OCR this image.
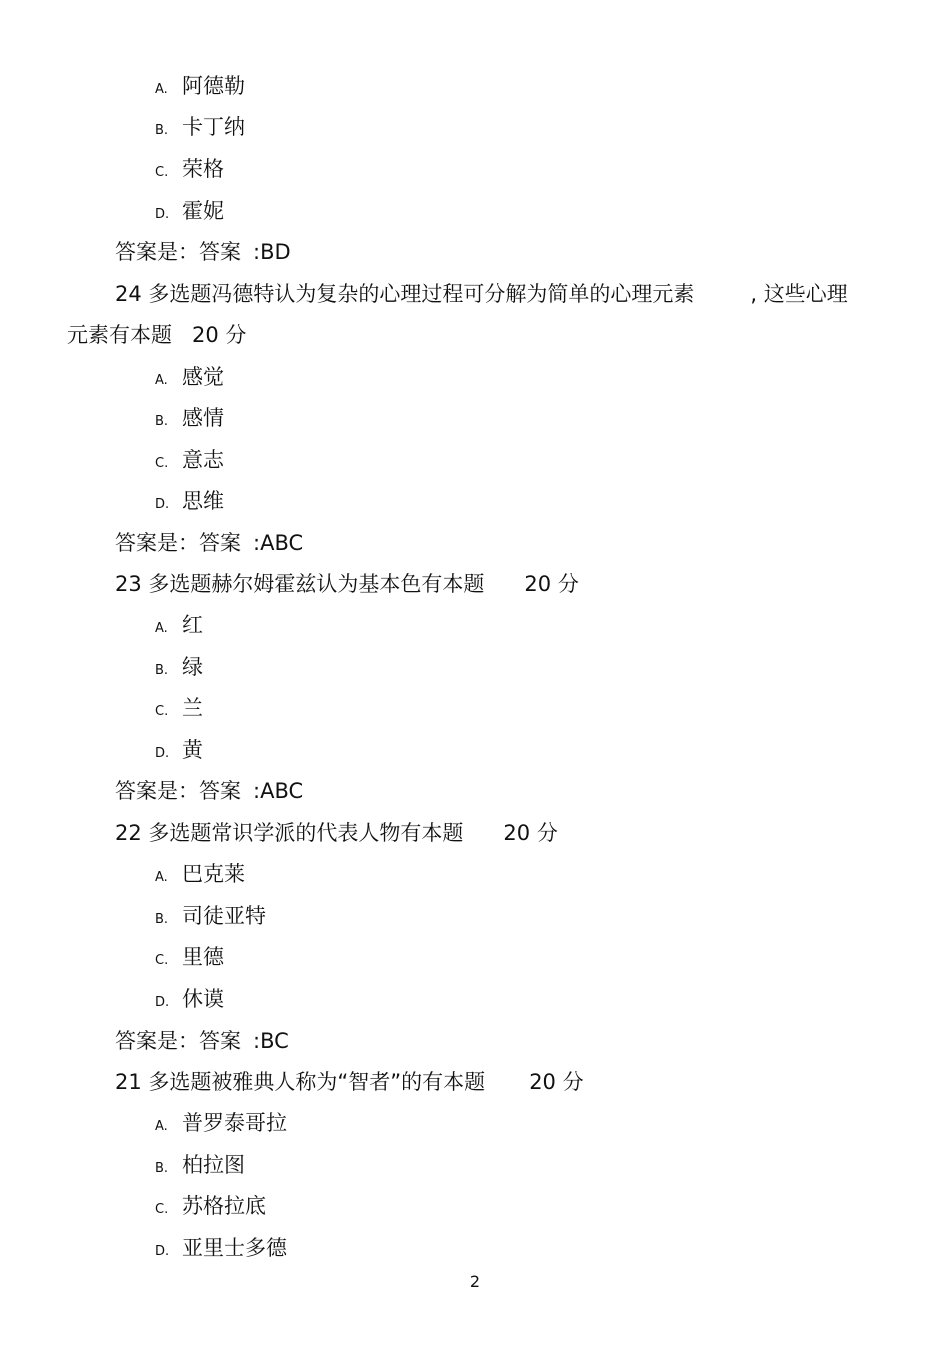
A. 阿德勒
B. 卡丁纳
C. 荣格
D. 霍妮
答案是：答案 :BD
24 多选题冯德特认为复杂的心理过程可分解为简单的心理元素	, 这些心理
元素有本题 20 分
A. 感觉
B. 感情
C. 意志
D. 思维
答案是：答案 :ABC
23 多选题赫尔姆霍兹认为基本色有本题 20 分
A. 红
B. 绿
C. 兰
D. 黄
答案是：答案 :ABC
22 多选题常识学派的代表人物有本题 20 分
A. 巴克莱
B. 司徒亚特
C. 里德
D. 休谟
答案是：答案 :BC
21 多选题被雅典人称为“智者”的有本题 20 分
A. 普罗泰哥拉
B. 柏拉图
C. 苏格拉底
D. 亚里士多德
2
